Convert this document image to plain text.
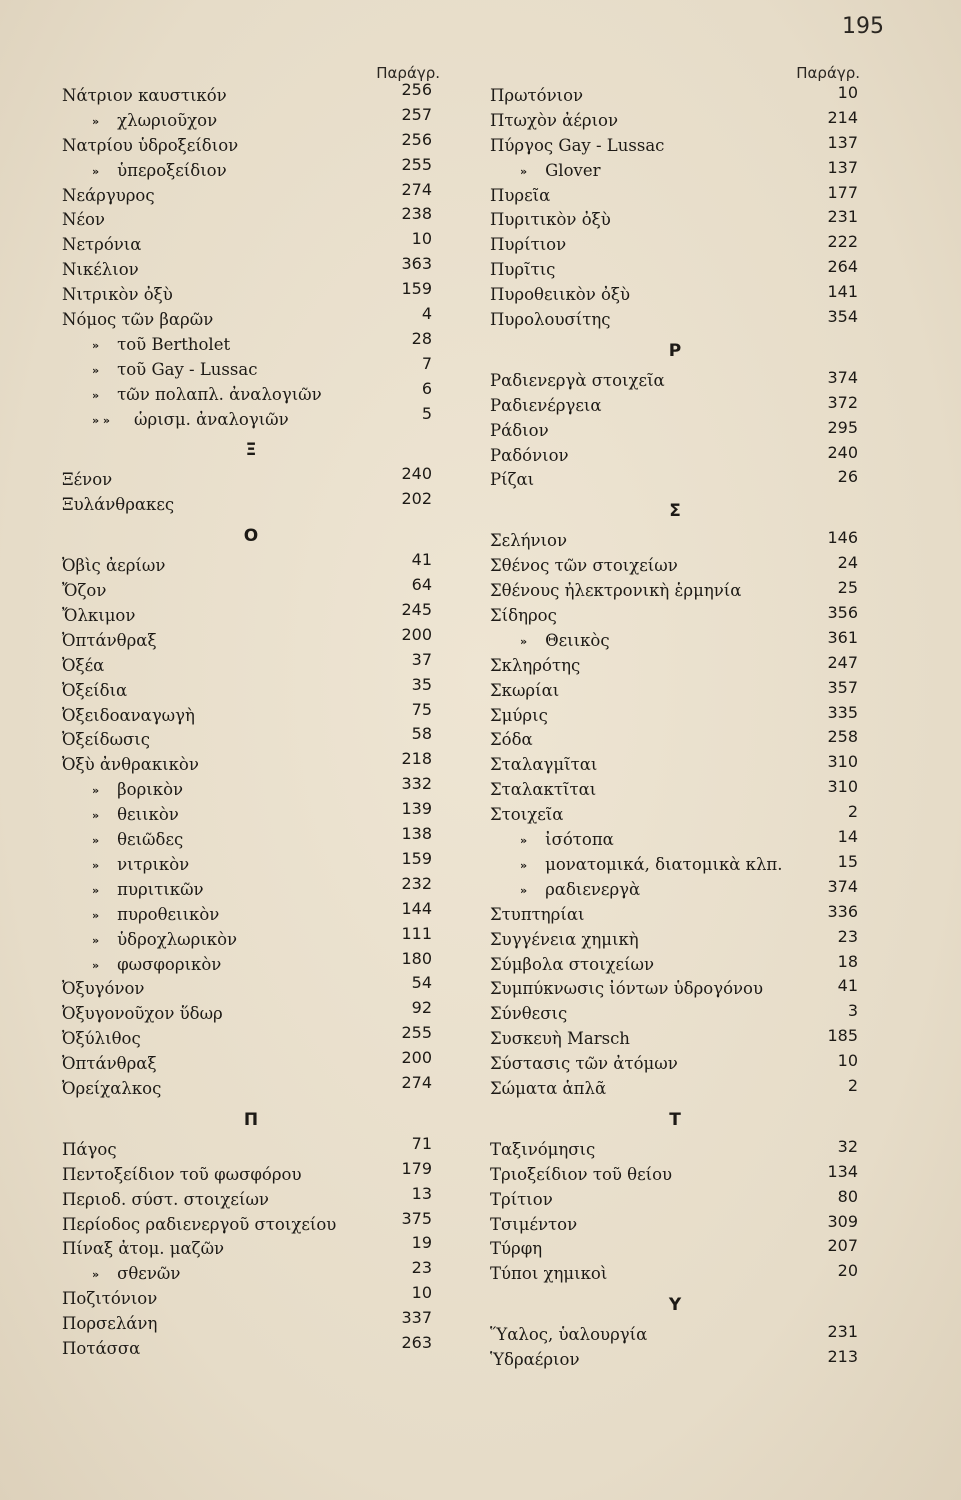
195
Παράγρ.
Νάτριον καυστικόν	256
» χλωριοῦχον	257
Νατρίου ὑδροξείδιον	256
» ὑπεροξείδιον	255
Νεάργυρος	274
Νέον	238
Νετρόνια	10
Νικέλιον	363
Νιτρικὸν ὀξὺ	159
Νόμος τῶν βαρῶν	4
» τοῦ Bertholet	28
» τοῦ Gay - Lussac	7
» τῶν πολαπλ. ἀναλογιῶν	6
» » ὡρισμ. ἀναλογιῶν	5
Ξ
Ξένον	240
Ξυλάνθρακες	202
Ο
Ὀβὶς ἀερίων	41
Ὄζον	64
Ὄλκιμον	245
Ὀπτάνθραξ	200
Ὀξέα	37
Ὀξείδια	35
Ὀξειδοαναγωγὴ	75
Ὀξείδωσις	58
Ὀξὺ ἀνθρακικὸν	218
» βορικὸν	332
» θειικὸν	139
» θειῶδες	138
» νιτρικὸν	159
» πυριτικῶν	232
» πυροθειικὸν	144
» ὑδροχλωρικὸν	111
» φωσφορικὸν	180
Ὀξυγόνον	54
Ὀξυγονοῦχον ὕδωρ	92
Ὀξύλιθος	255
Ὀπτάνθραξ	200
Ὀρείχαλκος	274
Π
Πάγος	71
Πεντοξείδιον τοῦ φωσφόρου	179
Περιοδ. σύστ. στοιχείων	13
Περίοδος ραδιενεργοῦ στοιχείου	375
Πίναξ ἀτομ. μαζῶν	19
» σθενῶν	23
Ποζιτόνιον	10
Πορσελάνη	337
Ποτάσσα	263
Παράγρ.
Πρωτόνιον	10
Πτωχὸν ἀέριον	214
Πύργος Gay - Lussac	137
» Glover	137
Πυρεῖα	177
Πυριτικὸν ὀξὺ	231
Πυρίτιον	222
Πυρῖτις	264
Πυροθειικὸν ὀξὺ	141
Πυρολουσίτης	354
Ρ
Ραδιενεργὰ στοιχεῖα	374
Ραδιενέργεια	372
Ράδιον	295
Ραδόνιον	240
Ρίζαι	26
Σ
Σελήνιον	146
Σθένος τῶν στοιχείων	24
Σθένους ἠλεκτρονικὴ ἑρμηνία	25
Σίδηρος	356
» Θειικὸς	361
Σκληρότης	247
Σκωρίαι	357
Σμύρις	335
Σόδα	258
Σταλαγμῖται	310
Σταλακτῖται	310
Στοιχεῖα	2
» ἰσότοπα	14
» μονατομικά, διατομικὰ κλπ.	15
» ραδιενεργὰ	374
Στυπτηρίαι	336
Συγγένεια χημικὴ	23
Σύμβολα στοιχείων	18
Συμπύκνωσις ἰόντων ὑδρογόνου	41
Σύνθεσις	3
Συσκευὴ Marsch	185
Σύστασις τῶν ἀτόμων	10
Σώματα ἁπλᾶ	2
Τ
Ταξινόμησις	32
Τριοξείδιον τοῦ θείου	134
Τρίτιον	80
Τσιμέντον	309
Τύρφη	207
Τύποι χημικοὶ	20
Υ
Ὕαλος, ὑαλουργία	231
Ὑδραέριον	213
